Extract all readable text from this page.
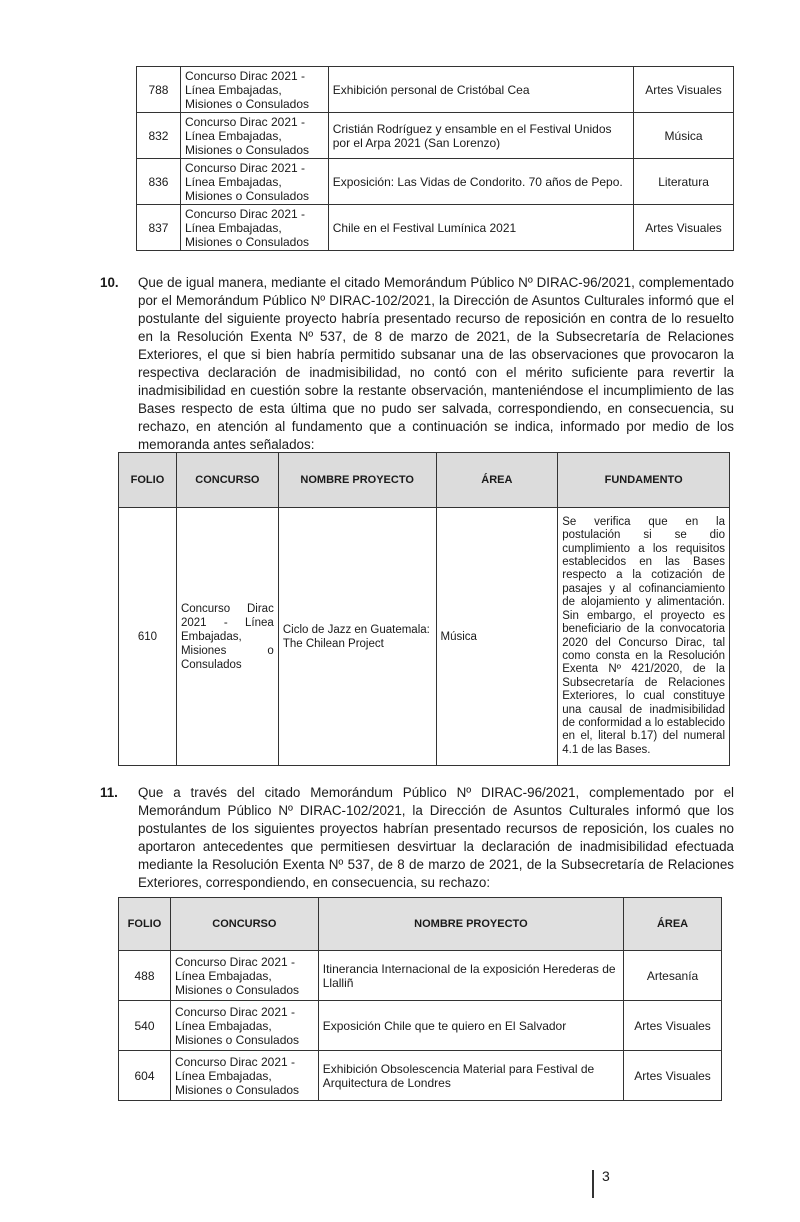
788	Concurso Dirac 2021 - Línea Embajadas, Misiones o Consulados	Exhibición personal de Cristóbal Cea	Artes Visuales
832	Concurso Dirac 2021 - Línea Embajadas, Misiones o Consulados	Cristián Rodríguez y ensamble en el Festival Unidos por el Arpa 2021 (San Lorenzo)	Música
836	Concurso Dirac 2021 - Línea Embajadas, Misiones o Consulados	Exposición: Las Vidas de Condorito. 70 años de Pepo.	Literatura
837	Concurso Dirac 2021 - Línea Embajadas, Misiones o Consulados	Chile en el Festival Lumínica 2021	Artes Visuales
10. Que de igual manera, mediante el citado Memorándum Público Nº DIRAC-96/2021, complementado por el Memorándum Público Nº DIRAC-102/2021, la Dirección de Asuntos Culturales informó que el postulante del siguiente proyecto habría presentado recurso de reposición en contra de lo resuelto en la Resolución Exenta Nº 537, de 8 de marzo de 2021, de la Subsecretaría de Relaciones Exteriores, el que si bien habría permitido subsanar una de las observaciones que provocaron la respectiva declaración de inadmisibilidad, no contó con el mérito suficiente para revertir la inadmisibilidad en cuestión sobre la restante observación, manteniéndose el incumplimiento de las Bases respecto de esta última que no pudo ser salvada, correspondiendo, en consecuencia, su rechazo, en atención al fundamento que a continuación se indica, informado por medio de los memoranda antes señalados:
FOLIO	CONCURSO	NOMBRE PROYECTO	ÁREA	FUNDAMENTO
610	Concurso Dirac 2021 - Línea Embajadas, Misiones o Consulados	Ciclo de Jazz en Guatemala: The Chilean Project	Música	Se verifica que en la postulación si se dio cumplimiento a los requisitos establecidos en las Bases respecto a la cotización de pasajes y al cofinanciamiento de alojamiento y alimentación. Sin embargo, el proyecto es beneficiario de la convocatoria 2020 del Concurso Dirac, tal como consta en la Resolución Exenta Nº 421/2020, de la Subsecretaría de Relaciones Exteriores, lo cual constituye una causal de inadmisibilidad de conformidad a lo establecido en el, literal b.17) del numeral 4.1 de las Bases.
11. Que a través del citado Memorándum Público Nº DIRAC-96/2021, complementado por el Memorándum Público Nº DIRAC-102/2021, la Dirección de Asuntos Culturales informó que los postulantes de los siguientes proyectos habrían presentado recursos de reposición, los cuales no aportaron antecedentes que permitiesen desvirtuar la declaración de inadmisibilidad efectuada mediante la Resolución Exenta Nº 537, de 8 de marzo de 2021, de la Subsecretaría de Relaciones Exteriores, correspondiendo, en consecuencia, su rechazo:
FOLIO	CONCURSO	NOMBRE PROYECTO	ÁREA
488	Concurso Dirac 2021 - Línea Embajadas, Misiones o Consulados	Itinerancia Internacional de la exposición Herederas de Llalliñ	Artesanía
540	Concurso Dirac 2021 - Línea Embajadas, Misiones o Consulados	Exposición Chile que te quiero en El Salvador	Artes Visuales
604	Concurso Dirac 2021 - Línea Embajadas, Misiones o Consulados	Exhibición Obsolescencia Material para Festival de Arquitectura de Londres	Artes Visuales
3
